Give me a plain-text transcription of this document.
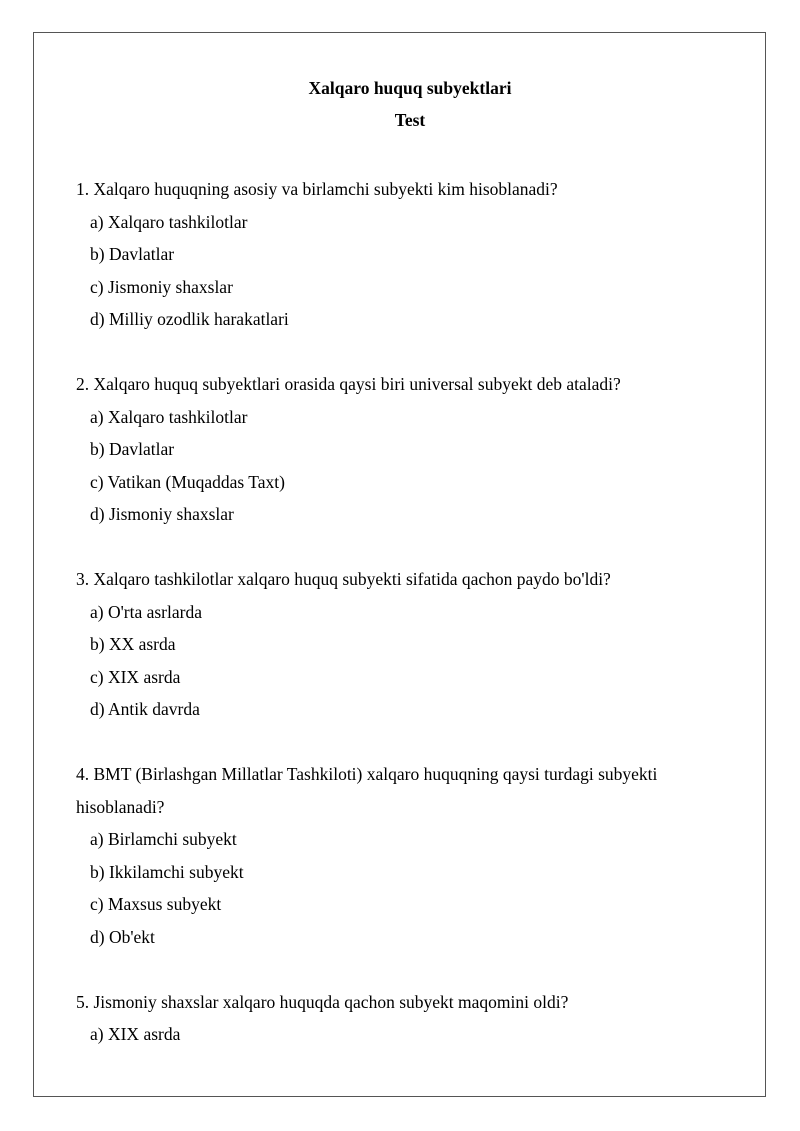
Xalqaro huquq subyektlari
Test
1. Xalqaro huquqning asosiy va birlamchi subyekti kim hisoblanadi?
a) Xalqaro tashkilotlar
b) Davlatlar
c) Jismoniy shaxslar
d) Milliy ozodlik harakatlari
2. Xalqaro huquq subyektlari orasida qaysi biri universal subyekt deb ataladi?
a) Xalqaro tashkilotlar
b) Davlatlar
c) Vatikan (Muqaddas Taxt)
d) Jismoniy shaxslar
3. Xalqaro tashkilotlar xalqaro huquq subyekti sifatida qachon paydo bo'ldi?
a) O'rta asrlarda
b) XX asrda
c) XIX asrda
d) Antik davrda
4. BMT (Birlashgan Millatlar Tashkiloti) xalqaro huquqning qaysi turdagi subyekti hisoblanadi?
a) Birlamchi subyekt
b) Ikkilamchi subyekt
c) Maxsus subyekt
d) Ob'ekt
5. Jismoniy shaxslar xalqaro huquqda qachon subyekt maqomini oldi?
a) XIX asrda
